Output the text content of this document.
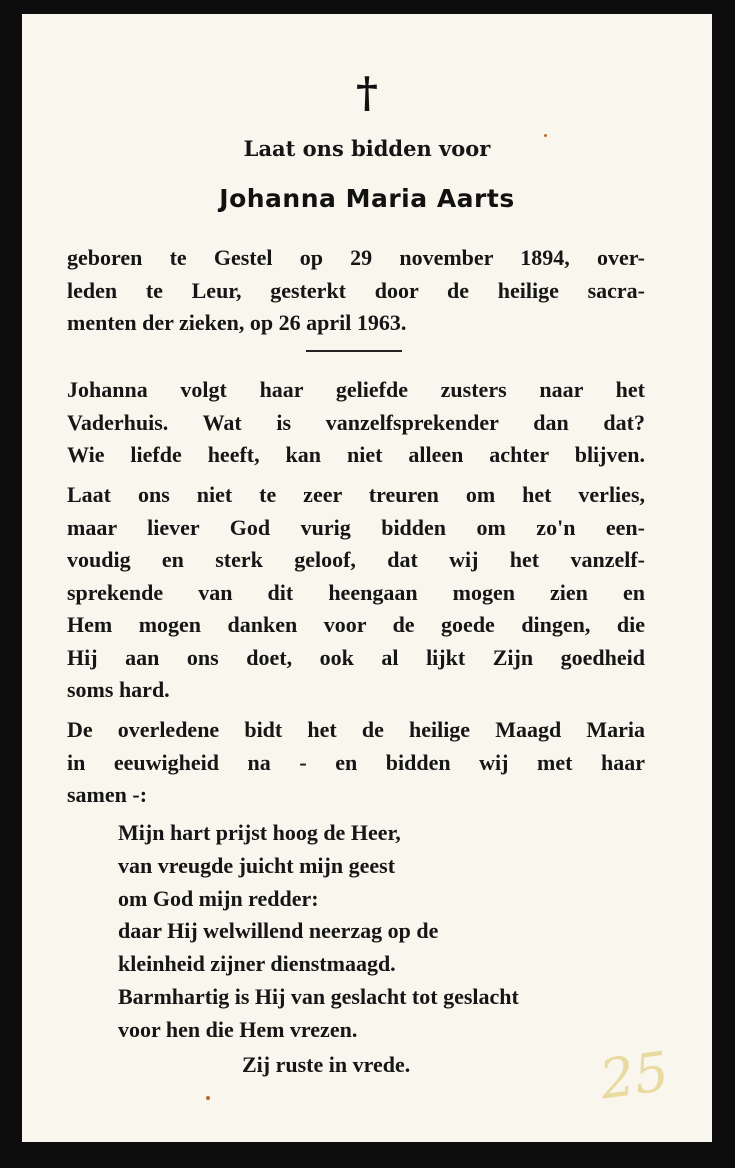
†
Laat ons bidden voor
Johanna Maria Aarts
geboren te Gestel op 29 november 1894, over-
leden te Leur, gesterkt door de heilige sacra-
menten der zieken, op 26 april 1963.
Johanna volgt haar geliefde zusters naar het
Vaderhuis. Wat is vanzelfsprekender dan dat?
Wie liefde heeft, kan niet alleen achter blijven.
Laat ons niet te zeer treuren om het verlies,
maar liever God vurig bidden om zo'n een-
voudig en sterk geloof, dat wij het vanzelf-
sprekende van dit heengaan mogen zien en
Hem mogen danken voor de goede dingen, die
Hij aan ons doet, ook al lijkt Zijn goedheid
soms hard.
De overledene bidt het de heilige Maagd Maria
in eeuwigheid na - en bidden wij met haar
samen -:
Mijn hart prijst hoog de Heer,
van vreugde juicht mijn geest
om God mijn redder:
daar Hij welwillend neerzag op de
kleinheid zijner dienstmaagd.
Barmhartig is Hij van geslacht tot geslacht
voor hen die Hem vrezen.
Zij ruste in vrede.	25
